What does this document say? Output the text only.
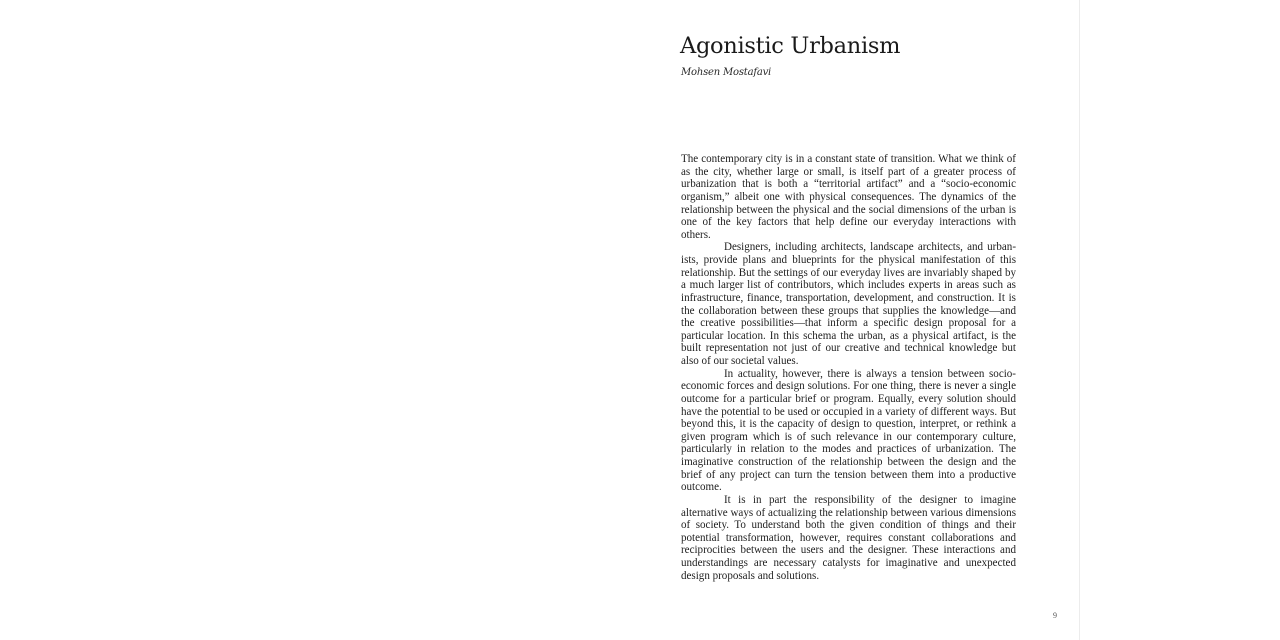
Agonistic Urbanism

Mohsen Mostafavi

The contemporary city is in a constant state of transition. What we think of as the city, whether large or small, is itself part of a greater process of urbanization that is both a “territorial artifact” and a “socio-economic organism,” albeit one with physical consequences. The dynamics of the relationship between the physical and the social dimensions of the urban is one of the key factors that help define our everyday interactions with others.

Designers, including architects, landscape architects, and urbanists, provide plans and blueprints for the physical manifestation of this relationship. But the settings of our everyday lives are invariably shaped by a much larger list of contributors, which includes experts in areas such as infrastructure, finance, transportation, development, and construction. It is the collaboration between these groups that supplies the knowledge—and the creative possibilities—that inform a specific design proposal for a particular location. In this schema the urban, as a physical artifact, is the built representation not just of our creative and technical knowledge but also of our societal values.

In actuality, however, there is always a tension between socio-economic forces and design solutions. For one thing, there is never a single outcome for a particular brief or program. Equally, every solution should have the potential to be used or occupied in a variety of different ways. But beyond this, it is the capacity of design to question, interpret, or rethink a given program which is of such relevance in our contemporary culture, particularly in relation to the modes and practices of urbanization. The imaginative construction of the relationship between the design and the brief of any project can turn the tension between them into a productive outcome.

It is in part the responsibility of the designer to imagine alternative ways of actualizing the relationship between various dimensions of society. To understand both the given condition of things and their potential transformation, however, requires constant collaborations and reciprocities between the users and the designer. These interactions and understandings are necessary catalysts for imaginative and unexpected design proposals and solutions.

9
